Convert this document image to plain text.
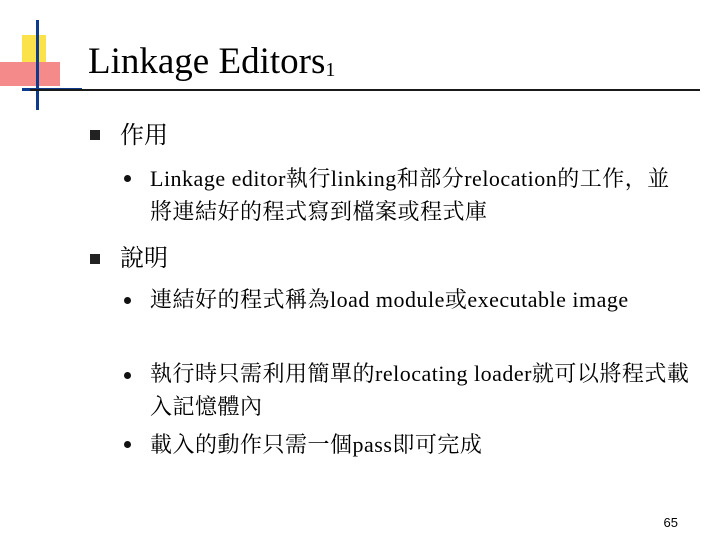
Linkage Editors$_1$
作用
Linkage editor執行linking和部分relocation的工作，並將連結好的程式寫到檔案或程式庫
說明
連結好的程式稱為load module或executable image
執行時只需利用簡單的relocating loader就可以將程式載入記憶體內
載入的動作只需一個pass即可完成
65
